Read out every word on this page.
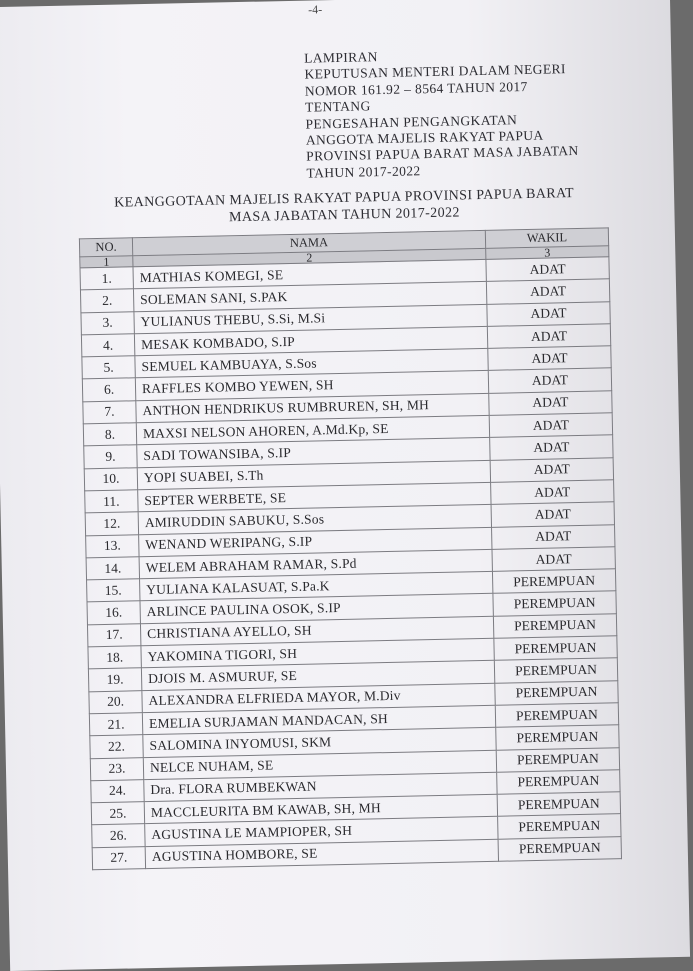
-4-
LAMPIRAN
KEPUTUSAN MENTERI DALAM NEGERI
NOMOR 161.92 – 8564 TAHUN 2017
TENTANG
PENGESAHAN PENGANGKATAN
ANGGOTA MAJELIS RAKYAT PAPUA
PROVINSI PAPUA BARAT MASA JABATAN
TAHUN 2017-2022
KEANGGOTAAN MAJELIS RAKYAT PAPUA PROVINSI PAPUA BARAT
MASA JABATAN TAHUN 2017-2022
NO.	NAMA	WAKIL
1	2	3
1.	MATHIAS KOMEGI, SE	ADAT
2.	SOLEMAN SANI, S.PAK	ADAT
3.	YULIANUS THEBU, S.Si, M.Si	ADAT
4.	MESAK KOMBADO, S.IP	ADAT
5.	SEMUEL KAMBUAYA, S.Sos	ADAT
6.	RAFFLES KOMBO YEWEN, SH	ADAT
7.	ANTHON HENDRIKUS RUMBRUREN, SH, MH	ADAT
8.	MAXSI NELSON AHOREN, A.Md.Kp, SE	ADAT
9.	SADI TOWANSIBA, S.IP	ADAT
10.	YOPI SUABEI, S.Th	ADAT
11.	SEPTER WERBETE, SE	ADAT
12.	AMIRUDDIN SABUKU, S.Sos	ADAT
13.	WENAND WERIPANG, S.IP	ADAT
14.	WELEM ABRAHAM RAMAR, S.Pd	ADAT
15.	YULIANA KALASUAT, S.Pa.K	PEREMPUAN
16.	ARLINCE PAULINA OSOK, S.IP	PEREMPUAN
17.	CHRISTIANA AYELLO, SH	PEREMPUAN
18.	YAKOMINA TIGORI, SH	PEREMPUAN
19.	DJOIS M. ASMURUF, SE	PEREMPUAN
20.	ALEXANDRA ELFRIEDA MAYOR, M.Div	PEREMPUAN
21.	EMELIA SURJAMAN MANDACAN, SH	PEREMPUAN
22.	SALOMINA INYOMUSI, SKM	PEREMPUAN
23.	NELCE NUHAM, SE	PEREMPUAN
24.	Dra. FLORA RUMBEKWAN	PEREMPUAN
25.	MACCLEURITA BM KAWAB, SH, MH	PEREMPUAN
26.	AGUSTINA LE MAMPIOPER, SH	PEREMPUAN
27.	AGUSTINA HOMBORE, SE	PEREMPUAN
